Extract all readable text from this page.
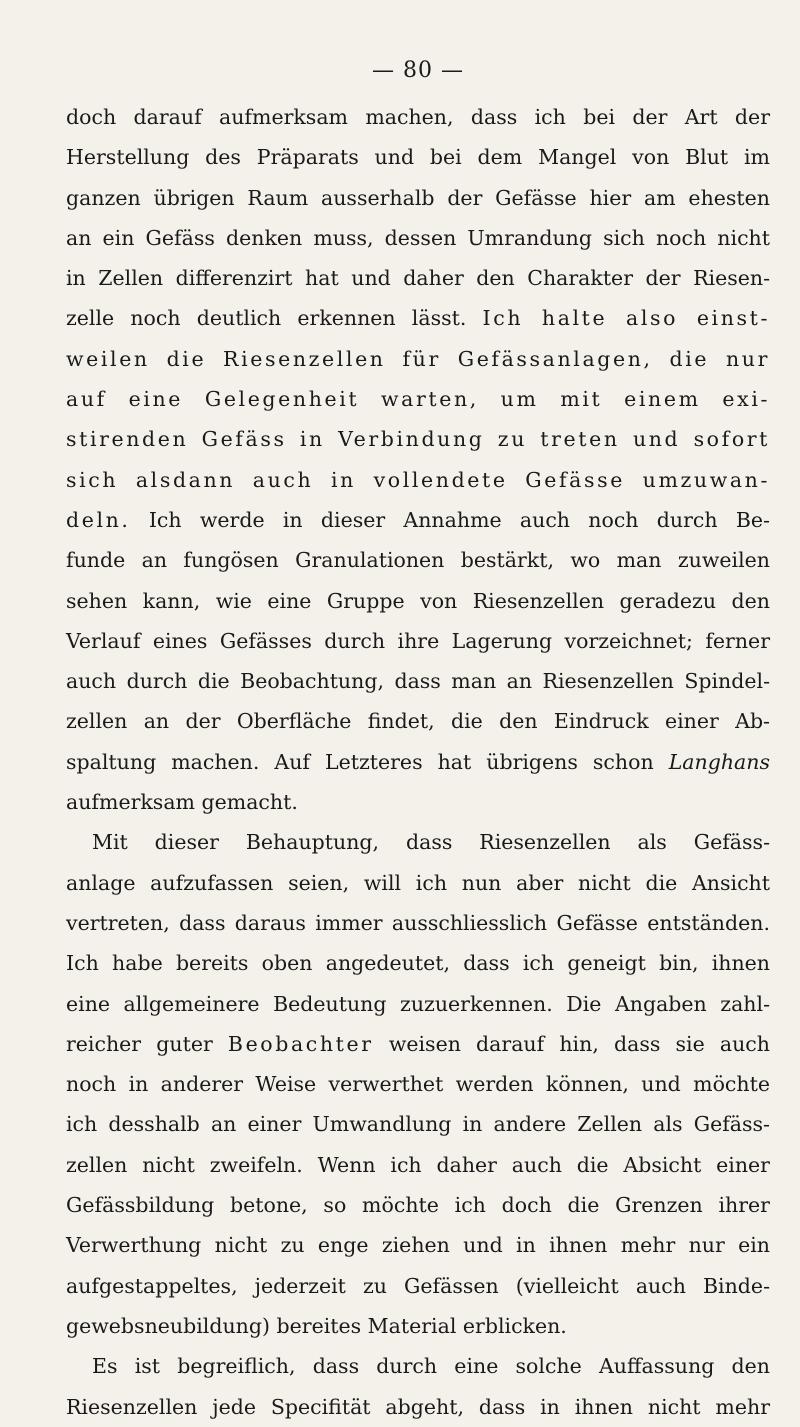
— 80 —
doch darauf aufmerksam machen, dass ich bei der Art der
Herstellung des Präparats und bei dem Mangel von Blut im
ganzen übrigen Raum ausserhalb der Gefässe hier am ehesten
an ein Gefäss denken muss, dessen Umrandung sich noch nicht
in Zellen differenzirt hat und daher den Charakter der Riesen-
zelle noch deutlich erkennen lässt. Ich halte also einst-
weilen die Riesenzellen für Gefässanlagen, die nur
auf eine Gelegenheit warten, um mit einem exi-
stirenden Gefäss in Verbindung zu treten und sofort
sich alsdann auch in vollendete Gefässe umzuwan-
deln. Ich werde in dieser Annahme auch noch durch Be-
funde an fungösen Granulationen bestärkt, wo man zuweilen
sehen kann, wie eine Gruppe von Riesenzellen geradezu den
Verlauf eines Gefässes durch ihre Lagerung vorzeichnet; ferner
auch durch die Beobachtung, dass man an Riesenzellen Spindel-
zellen an der Oberfläche findet, die den Eindruck einer Ab-
spaltung machen. Auf Letzteres hat übrigens schon Langhans
aufmerksam gemacht.
Mit dieser Behauptung, dass Riesenzellen als Gefäss-
anlage aufzufassen seien, will ich nun aber nicht die Ansicht
vertreten, dass daraus immer ausschliesslich Gefässe entständen.
Ich habe bereits oben angedeutet, dass ich geneigt bin, ihnen
eine allgemeinere Bedeutung zuzuerkennen. Die Angaben zahl-
reicher guter Beobachter weisen darauf hin, dass sie auch
noch in anderer Weise verwerthet werden können, und möchte
ich desshalb an einer Umwandlung in andere Zellen als Gefäss-
zellen nicht zweifeln. Wenn ich daher auch die Absicht einer
Gefässbildung betone, so möchte ich doch die Grenzen ihrer
Verwerthung nicht zu enge ziehen und in ihnen mehr nur ein
aufgestappeltes, jederzeit zu Gefässen (vielleicht auch Binde-
gewebsneubildung) bereites Material erblicken.
Es ist begreiflich, dass durch eine solche Auffassung den
Riesenzellen jede Specifität abgeht, dass in ihnen nicht mehr
